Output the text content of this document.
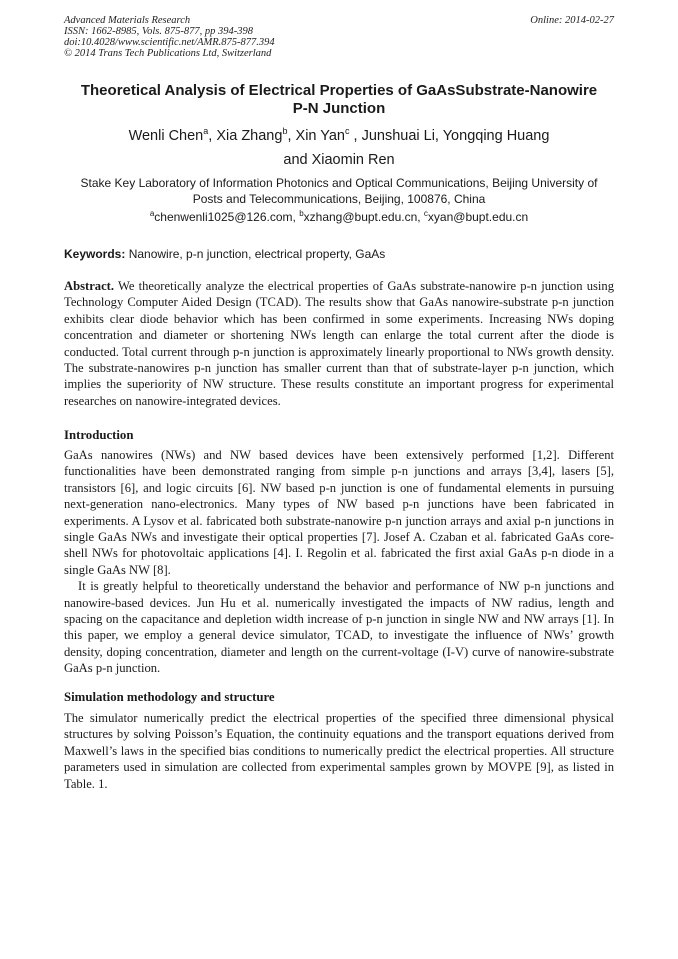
Advanced Materials Research
ISSN: 1662-8985, Vols. 875-877, pp 394-398
doi:10.4028/www.scientific.net/AMR.875-877.394
© 2014 Trans Tech Publications Ltd, Switzerland
Online: 2014-02-27
Theoretical Analysis of Electrical Properties of GaAsSubstrate-Nanowire
P-N Junction
Wenli Chen$^a$, Xia Zhang$^b$, Xin Yan$^c$ , Junshuai Li, Yongqing Huang
and Xiaomin Ren
Stake Key Laboratory of Information Photonics and Optical Communications, Beijing University of
Posts and Telecommunications, Beijing, 100876, China
$^a$chenwenli1025@126.com, $^b$xzhang@bupt.edu.cn, $^c$xyan@bupt.edu.cn
Keywords: Nanowire, p-n junction, electrical property, GaAs
Abstract. We theoretically analyze the electrical properties of GaAs substrate-nanowire p-n junction using Technology Computer Aided Design (TCAD). The results show that GaAs nanowire-substrate p-n junction exhibits clear diode behavior which has been confirmed in some experiments. Increasing NWs doping concentration and diameter or shortening NWs length can enlarge the total current after the diode is conducted. Total current through p-n junction is approximately linearly proportional to NWs growth density. The substrate-nanowires p-n junction has smaller current than that of substrate-layer p-n junction, which implies the superiority of NW structure. These results constitute an important progress for experimental researches on nanowire-integrated devices.
Introduction

GaAs nanowires (NWs) and NW based devices have been extensively performed [1,2]. Different functionalities have been demonstrated ranging from simple p-n junctions and arrays [3,4], lasers [5], transistors [6], and logic circuits [6]. NW based p-n junction is one of fundamental elements in pursuing next-generation nano-electronics. Many types of NW based p-n junctions have been fabricated in experiments. A Lysov et al. fabricated both substrate-nanowire p-n junction arrays and axial p-n junctions in single GaAs NWs and investigate their optical properties [7]. Josef A. Czaban et al. fabricated GaAs core-shell NWs for photovoltaic applications [4]. I. Regolin et al. fabricated the first axial GaAs p-n diode in a single GaAs NW [8].

It is greatly helpful to theoretically understand the behavior and performance of NW p-n junctions and nanowire-based devices. Jun Hu et al. numerically investigated the impacts of NW radius, length and spacing on the capacitance and depletion width increase of p-n junction in single NW and NW arrays [1]. In this paper, we employ a general device simulator, TCAD, to investigate the influence of NWs’ growth density, doping concentration, diameter and length on the current-voltage (I-V) curve of nanowire-substrate GaAs p-n junction.

Simulation methodology and structure

The simulator numerically predict the electrical properties of the specified three dimensional physical structures by solving Poisson’s Equation, the continuity equations and the transport equations derived from Maxwell’s laws in the specified bias conditions to numerically predict the electrical properties. All structure parameters used in simulation are collected from experimental samples grown by MOVPE [9], as listed in Table. 1.
